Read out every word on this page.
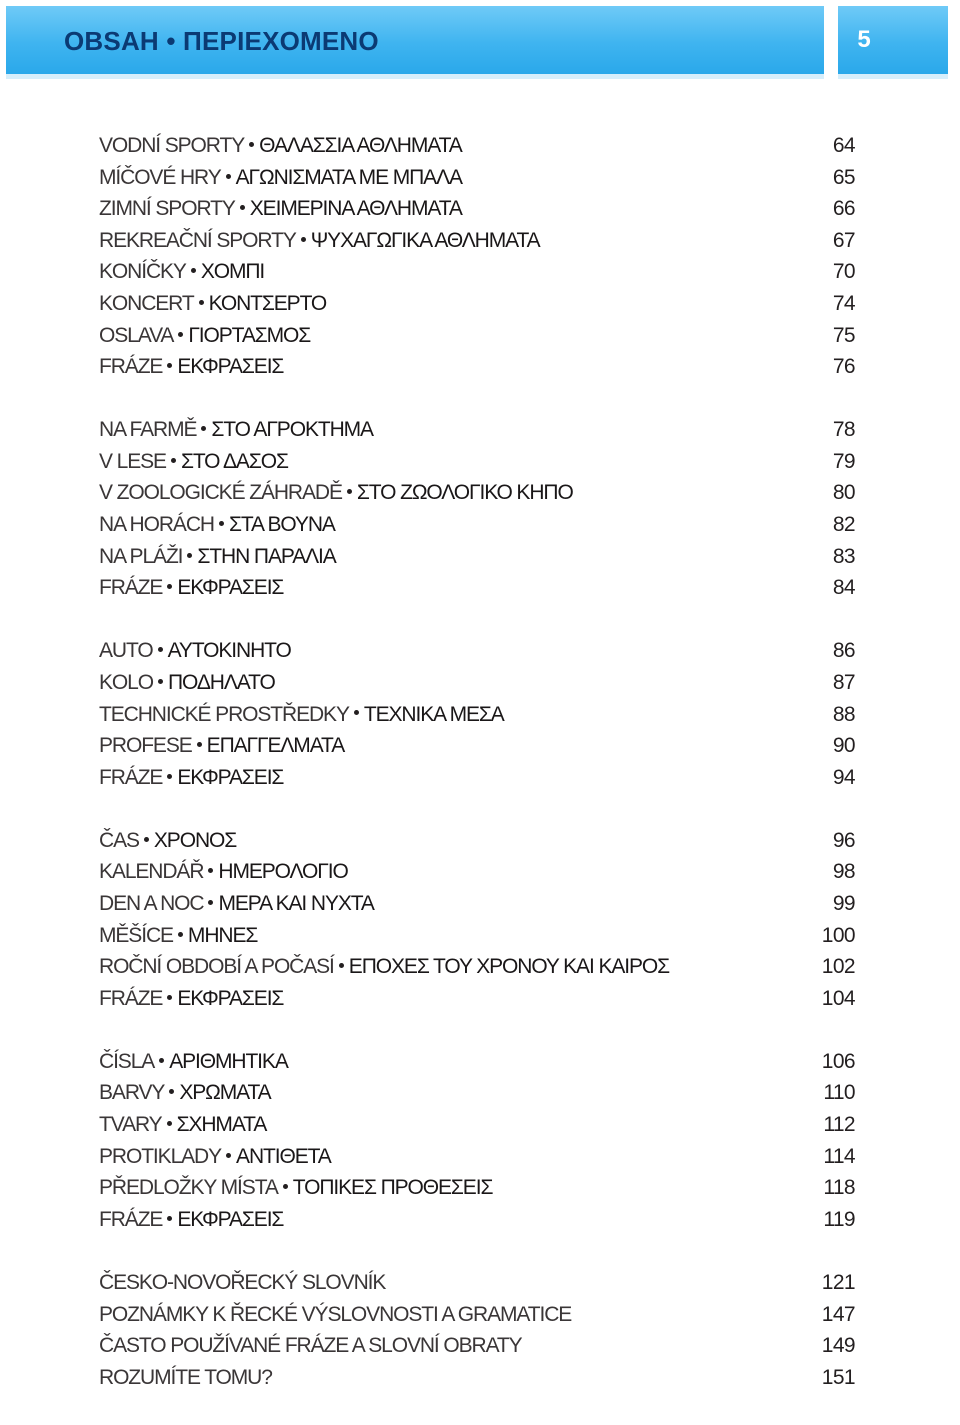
OBSAH • ΠΕΡΙΕΧΟΜΕΝΟ	5
VODNÍ SPORTY ΘΑΛΑΣΣΙΑ ΑΘΛΗΜΑΤΑ	64
MÍČOVÉ HRY ΑΓΩΝΙΣΜΑΤΑ ΜΕ ΜΠΑΛΑ	65
ZIMNÍ SPORTY ΧΕΙΜΕΡΙΝΑ ΑΘΛΗΜΑΤΑ	66
REKREAČNÍ SPORTY ΨΥΧΑΓΩΓΙΚΑ ΑΘΛΗΜΑΤΑ	67
KONÍČKY ΧΟΜΠΙ	70
KONCERT ΚΟΝΤΣΕΡΤΟ	74
OSLAVA ΓΙΟΡΤΑΣΜΟΣ	75
FRÁZE ΕΚΦΡΑΣΕΙΣ	76
NA FARMĚ ΣΤΟ ΑΓΡΟΚΤΗΜΑ	78
V LESE ΣΤΟ ΔΑΣΟΣ	79
V ZOOLOGICKÉ ZÁHRADĚ ΣΤΟ ΖΩΟΛΟΓΙΚΟ ΚΗΠΟ	80
NA HORÁCH ΣΤΑ ΒΟΥΝΑ	82
NA PLÁŽI ΣΤΗΝ ΠΑΡΑΛΙΑ	83
FRÁZE ΕΚΦΡΑΣΕΙΣ	84
AUTO ΑΥΤΟΚΙΝΗΤΟ	86
KOLO ΠΟΔΗΛΑΤΟ	87
TECHNICKÉ PROSTŘEDKY ΤΕΧΝΙΚΑ ΜΕΣΑ	88
PROFESE ΕΠΑΓΓΕΛΜΑΤΑ	90
FRÁZE ΕΚΦΡΑΣΕΙΣ	94
ČAS ΧΡΟΝΟΣ	96
KALENDÁŘ ΗΜΕΡΟΛΟΓΙΟ	98
DEN A NOC ΜΕΡΑ ΚΑΙ ΝΥΧΤΑ	99
MĚŠÍCE ΜΗΝΕΣ	100
ROČNÍ OBDOBÍ A POČASÍ ΕΠΟΧΕΣ ΤΟΥ ΧΡΟΝΟΥ ΚΑΙ ΚΑΙΡΟΣ	102
FRÁZE ΕΚΦΡΑΣΕΙΣ	104
ČÍSLA ΑΡΙΘΜΗΤΙΚΑ	106
BARVY ΧΡΩΜΑΤΑ	110
TVARY ΣΧΗΜΑΤΑ	112
PROTIKLADY ΑΝΤΙΘΕΤΑ	114
PŘEDLOŽKY MÍSTA ΤΟΠΙΚΕΣ ΠΡΟΘΕΣΕΙΣ	118
FRÁZE ΕΚΦΡΑΣΕΙΣ	119
ČESKO-NOVOŘECKÝ SLOVNÍK	121
POZNÁMKY K ŘECKÉ VÝSLOVNOSTI A GRAMATICE	147
ČASTO POUŽÍVANÉ FRÁZE A SLOVNÍ OBRATY	149
ROZUMÍTE TOMU?	151
